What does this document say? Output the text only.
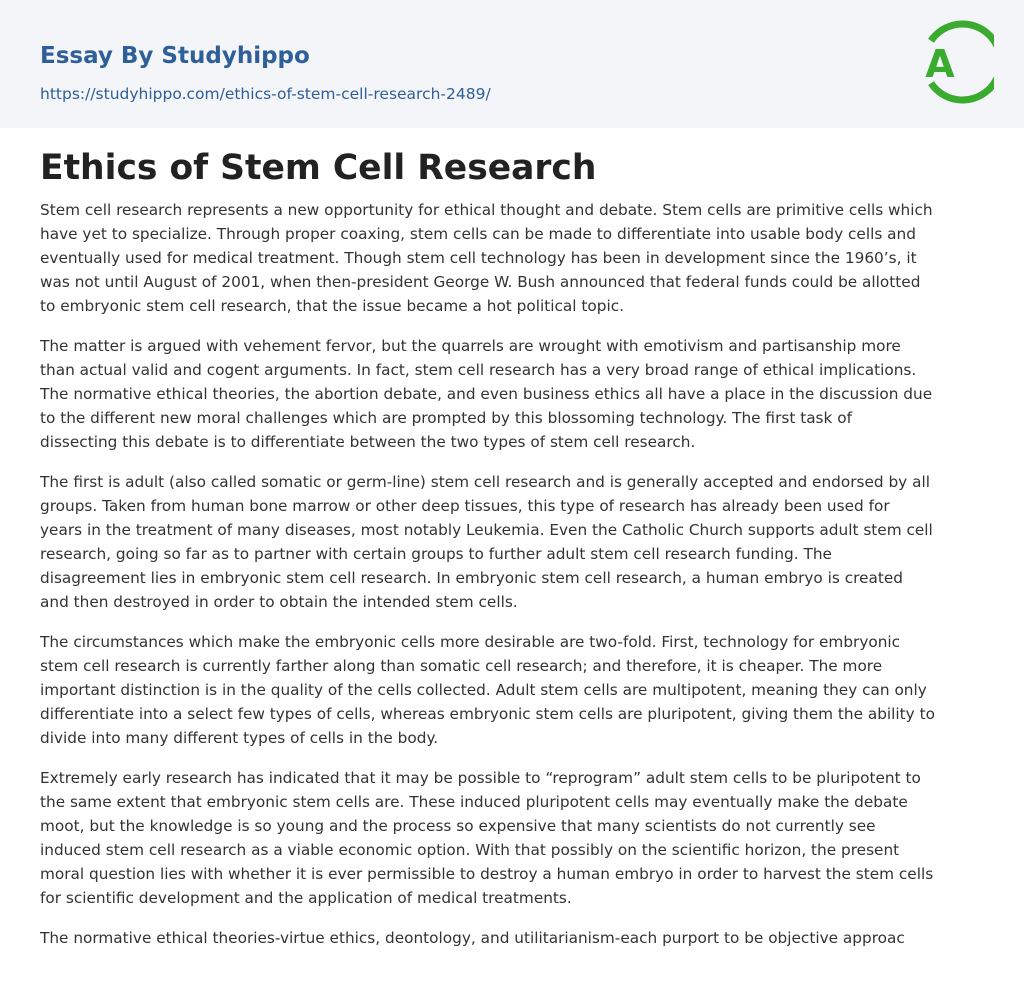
Essay By Studyhippo
https://studyhippo.com/ethics-of-stem-cell-research-2489/
A
Ethics of Stem Cell Research

Stem cell research represents a new opportunity for ethical thought and debate. Stem cells are primitive cells which
have yet to specialize. Through proper coaxing, stem cells can be made to differentiate into usable body cells and
eventually used for medical treatment. Though stem cell technology has been in development since the 1960’s, it
was not until August of 2001, when then-president George W. Bush announced that federal funds could be allotted
to embryonic stem cell research, that the issue became a hot political topic.

The matter is argued with vehement fervor, but the quarrels are wrought with emotivism and partisanship more
than actual valid and cogent arguments. In fact, stem cell research has a very broad range of ethical implications.
The normative ethical theories, the abortion debate, and even business ethics all have a place in the discussion due
to the different new moral challenges which are prompted by this blossoming technology. The first task of
dissecting this debate is to differentiate between the two types of stem cell research.

The first is adult (also called somatic or germ-line) stem cell research and is generally accepted and endorsed by all
groups. Taken from human bone marrow or other deep tissues, this type of research has already been used for
years in the treatment of many diseases, most notably Leukemia. Even the Catholic Church supports adult stem cell
research, going so far as to partner with certain groups to further adult stem cell research funding. The
disagreement lies in embryonic stem cell research. In embryonic stem cell research, a human embryo is created
and then destroyed in order to obtain the intended stem cells.

The circumstances which make the embryonic cells more desirable are two-fold. First, technology for embryonic
stem cell research is currently farther along than somatic cell research; and therefore, it is cheaper. The more
important distinction is in the quality of the cells collected. Adult stem cells are multipotent, meaning they can only
differentiate into a select few types of cells, whereas embryonic stem cells are pluripotent, giving them the ability to
divide into many different types of cells in the body.

Extremely early research has indicated that it may be possible to “reprogram” adult stem cells to be pluripotent to
the same extent that embryonic stem cells are. These induced pluripotent cells may eventually make the debate
moot, but the knowledge is so young and the process so expensive that many scientists do not currently see
induced stem cell research as a viable economic option. With that possibly on the scientific horizon, the present
moral question lies with whether it is ever permissible to destroy a human embryo in order to harvest the stem cells
for scientific development and the application of medical treatments.

The normative ethical theories-virtue ethics, deontology, and utilitarianism-each purport to be objective approac
